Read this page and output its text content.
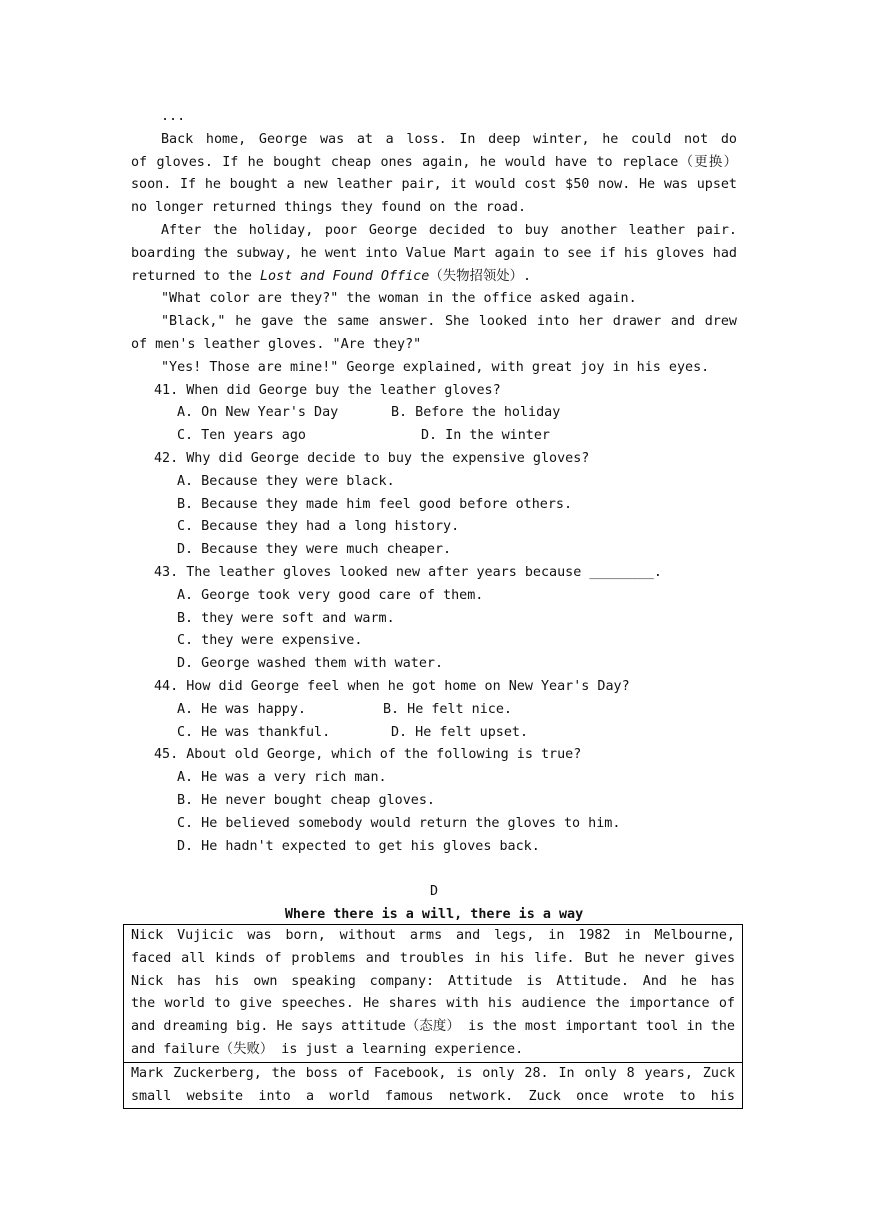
...
Back home, George was at a loss. In deep winter, he could not do
of gloves. If he bought cheap ones again, he would have to replace（更换）
soon. If he bought a new leather pair, it would cost $50 now. He was upset
no longer returned things they found on the road.
After the holiday, poor George decided to buy another leather pair.
boarding the subway, he went into Value Mart again to see if his gloves had
returned to the Lost and Found Office（失物招领处）.
"What color are they?" the woman in the office asked again.
"Black," he gave the same answer. She looked into her drawer and drew
of men's leather gloves. "Are they?"
"Yes! Those are mine!" George explained, with great joy in his eyes.
41. When did George buy the leather gloves?
A. On New Year's Day	B. Before the holiday
C. Ten years ago	D. In the winter
42. Why did George decide to buy the expensive gloves?
A. Because they were black.
B. Because they made him feel good before others.
C. Because they had a long history.
D. Because they were much cheaper.
43. The leather gloves looked new after years because ________.
A. George took very good care of them.
B. they were soft and warm.
C. they were expensive.
D. George washed them with water.
44. How did George feel when he got home on New Year's Day?
A. He was happy.	B. He felt nice.
C. He was thankful.	D. He felt upset.
45. About old George, which of the following is true?
A. He was a very rich man.
B. He never bought cheap gloves.
C. He believed somebody would return the gloves to him.
D. He hadn't expected to get his gloves back.
D
Where there is a will, there is a way
Nick Vujicic was born, without arms and legs, in 1982 in Melbourne,
faced all kinds of problems and troubles in his life. But he never gives
Nick has his own speaking company: Attitude is Attitude. And he has
the world to give speeches. He shares with his audience the importance of
and dreaming big. He says attitude（态度） is the most important tool in the
and failure（失败） is just a learning experience.
Mark Zuckerberg, the boss of Facebook, is only 28. In only 8 years, Zuck
small website into a world famous network. Zuck once wrote to his
